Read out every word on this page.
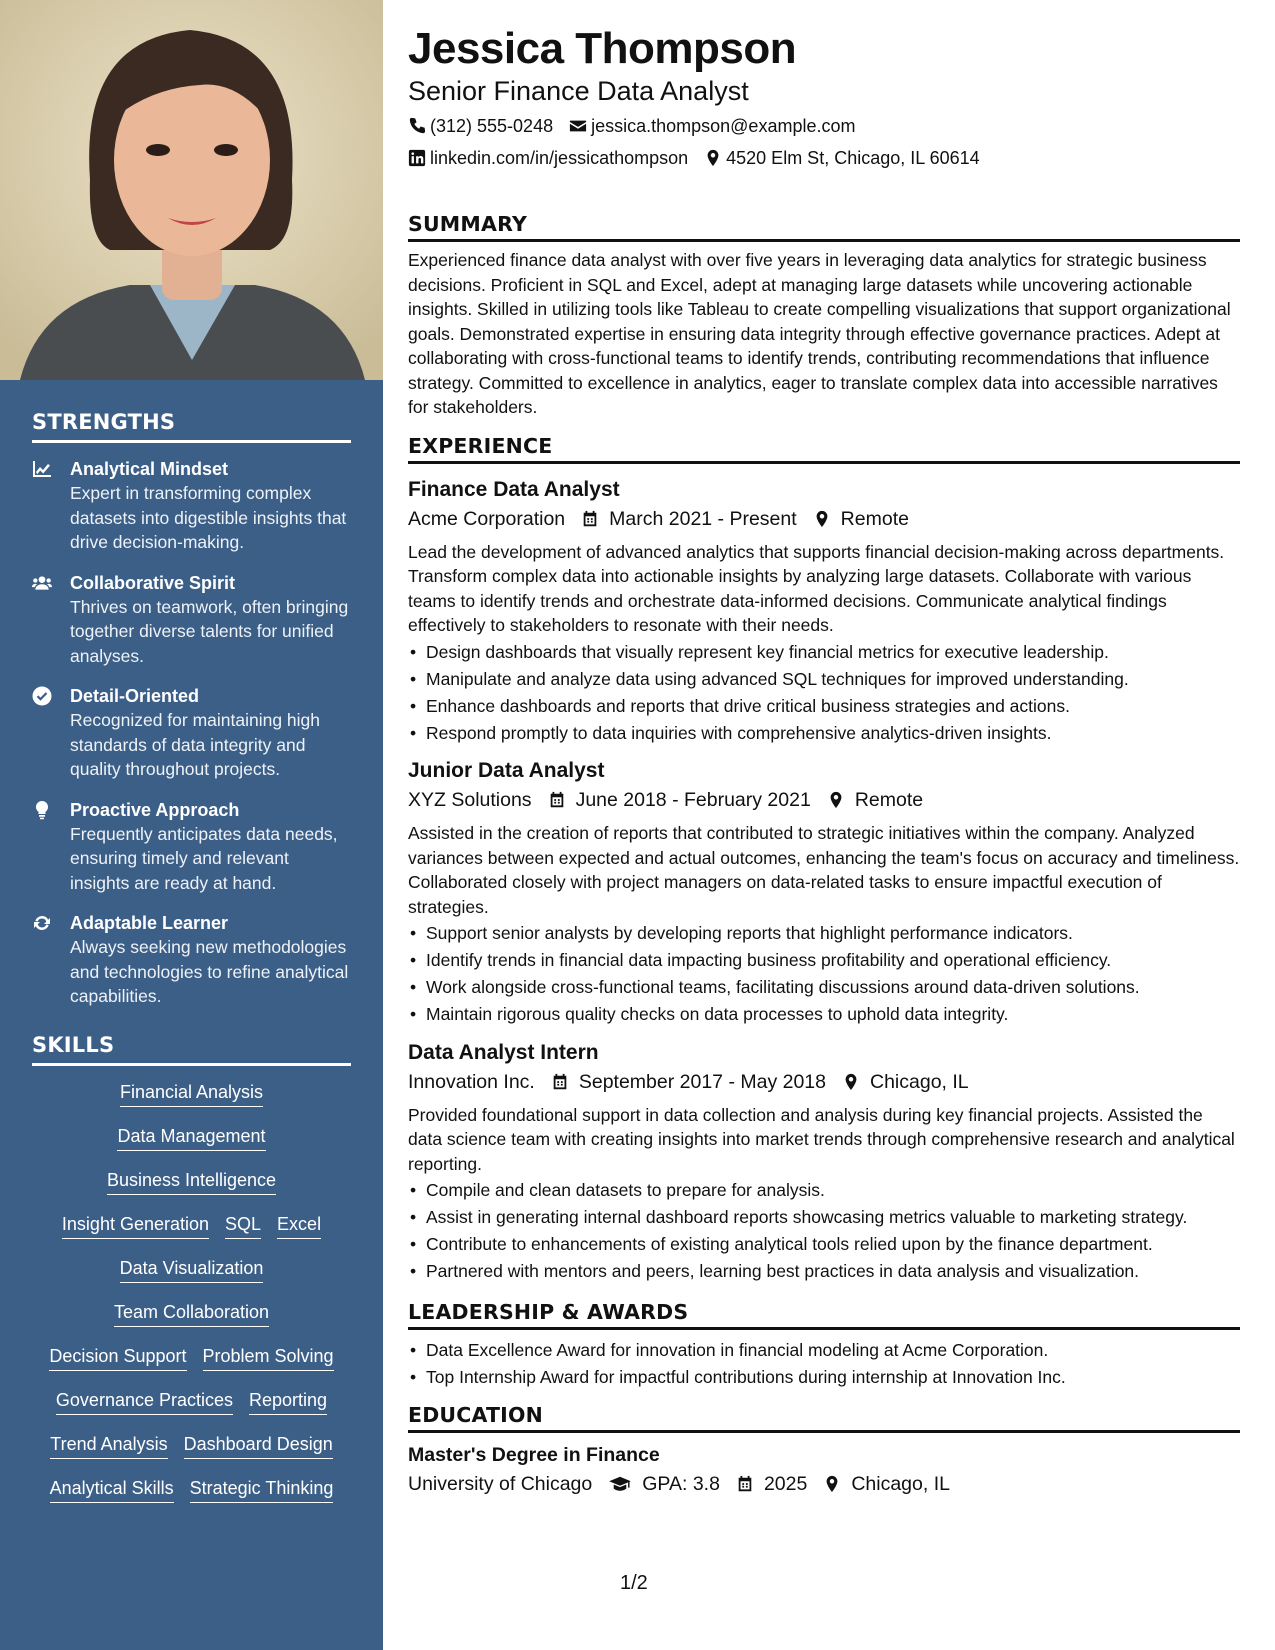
STRENGTHS
Analytical Mindset
Expert in transforming complex datasets into digestible insights that drive decision-making.
Collaborative Spirit
Thrives on teamwork, often bringing together diverse talents for unified analyses.
Detail-Oriented
Recognized for maintaining high standards of data integrity and quality throughout projects.
Proactive Approach
Frequently anticipates data needs, ensuring timely and relevant insights are ready at hand.
Adaptable Learner
Always seeking new methodologies and technologies to refine analytical capabilities.
SKILLS
Financial Analysis
Data Management
Business Intelligence
Insight Generation SQL Excel
Data Visualization
Team Collaboration
Decision Support Problem Solving
Governance Practices Reporting
Trend Analysis Dashboard Design
Analytical Skills Strategic Thinking
Jessica Thompson
Senior Finance Data Analyst
(312) 555-0248 jessica.thompson@example.com
linkedin.com/in/jessicathompson 4520 Elm St, Chicago, IL 60614
SUMMARY

Experienced finance data analyst with over five years in leveraging data analytics for strategic business decisions. Proficient in SQL and Excel, adept at managing large datasets while uncovering actionable insights. Skilled in utilizing tools like Tableau to create compelling visualizations that support organizational goals. Demonstrated expertise in ensuring data integrity through effective governance practices. Adept at collaborating with cross-functional teams to identify trends, contributing recommendations that influence strategy. Committed to excellence in analytics, eager to translate complex data into accessible narratives for stakeholders.

EXPERIENCE
Finance Data Analyst
Acme Corporation March 2021 - Present Remote

Lead the development of advanced analytics that supports financial decision-making across departments. Transform complex data into actionable insights by analyzing large datasets. Collaborate with various teams to identify trends and orchestrate data-informed decisions. Communicate analytical findings effectively to stakeholders to resonate with their needs.

• Design dashboards that visually represent key financial metrics for executive leadership.
• Manipulate and analyze data using advanced SQL techniques for improved understanding.
• Enhance dashboards and reports that drive critical business strategies and actions.
• Respond promptly to data inquiries with comprehensive analytics-driven insights.
Junior Data Analyst
XYZ Solutions June 2018 - February 2021 Remote

Assisted in the creation of reports that contributed to strategic initiatives within the company. Analyzed variances between expected and actual outcomes, enhancing the team's focus on accuracy and timeliness. Collaborated closely with project managers on data-related tasks to ensure impactful execution of strategies.

• Support senior analysts by developing reports that highlight performance indicators.
• Identify trends in financial data impacting business profitability and operational efficiency.
• Work alongside cross-functional teams, facilitating discussions around data-driven solutions.
• Maintain rigorous quality checks on data processes to uphold data integrity.
Data Analyst Intern
Innovation Inc. September 2017 - May 2018 Chicago, IL

Provided foundational support in data collection and analysis during key financial projects. Assisted the data science team with creating insights into market trends through comprehensive research and analytical reporting.

• Compile and clean datasets to prepare for analysis.
• Assist in generating internal dashboard reports showcasing metrics valuable to marketing strategy.
• Contribute to enhancements of existing analytical tools relied upon by the finance department.
• Partnered with mentors and peers, learning best practices in data analysis and visualization.
LEADERSHIP & AWARDS
• Data Excellence Award for innovation in financial modeling at Acme Corporation.
• Top Internship Award for impactful contributions during internship at Innovation Inc.
EDUCATION
Master's Degree in Finance
University of Chicago	GPA: 3.8 2025 Chicago, IL
1/2
